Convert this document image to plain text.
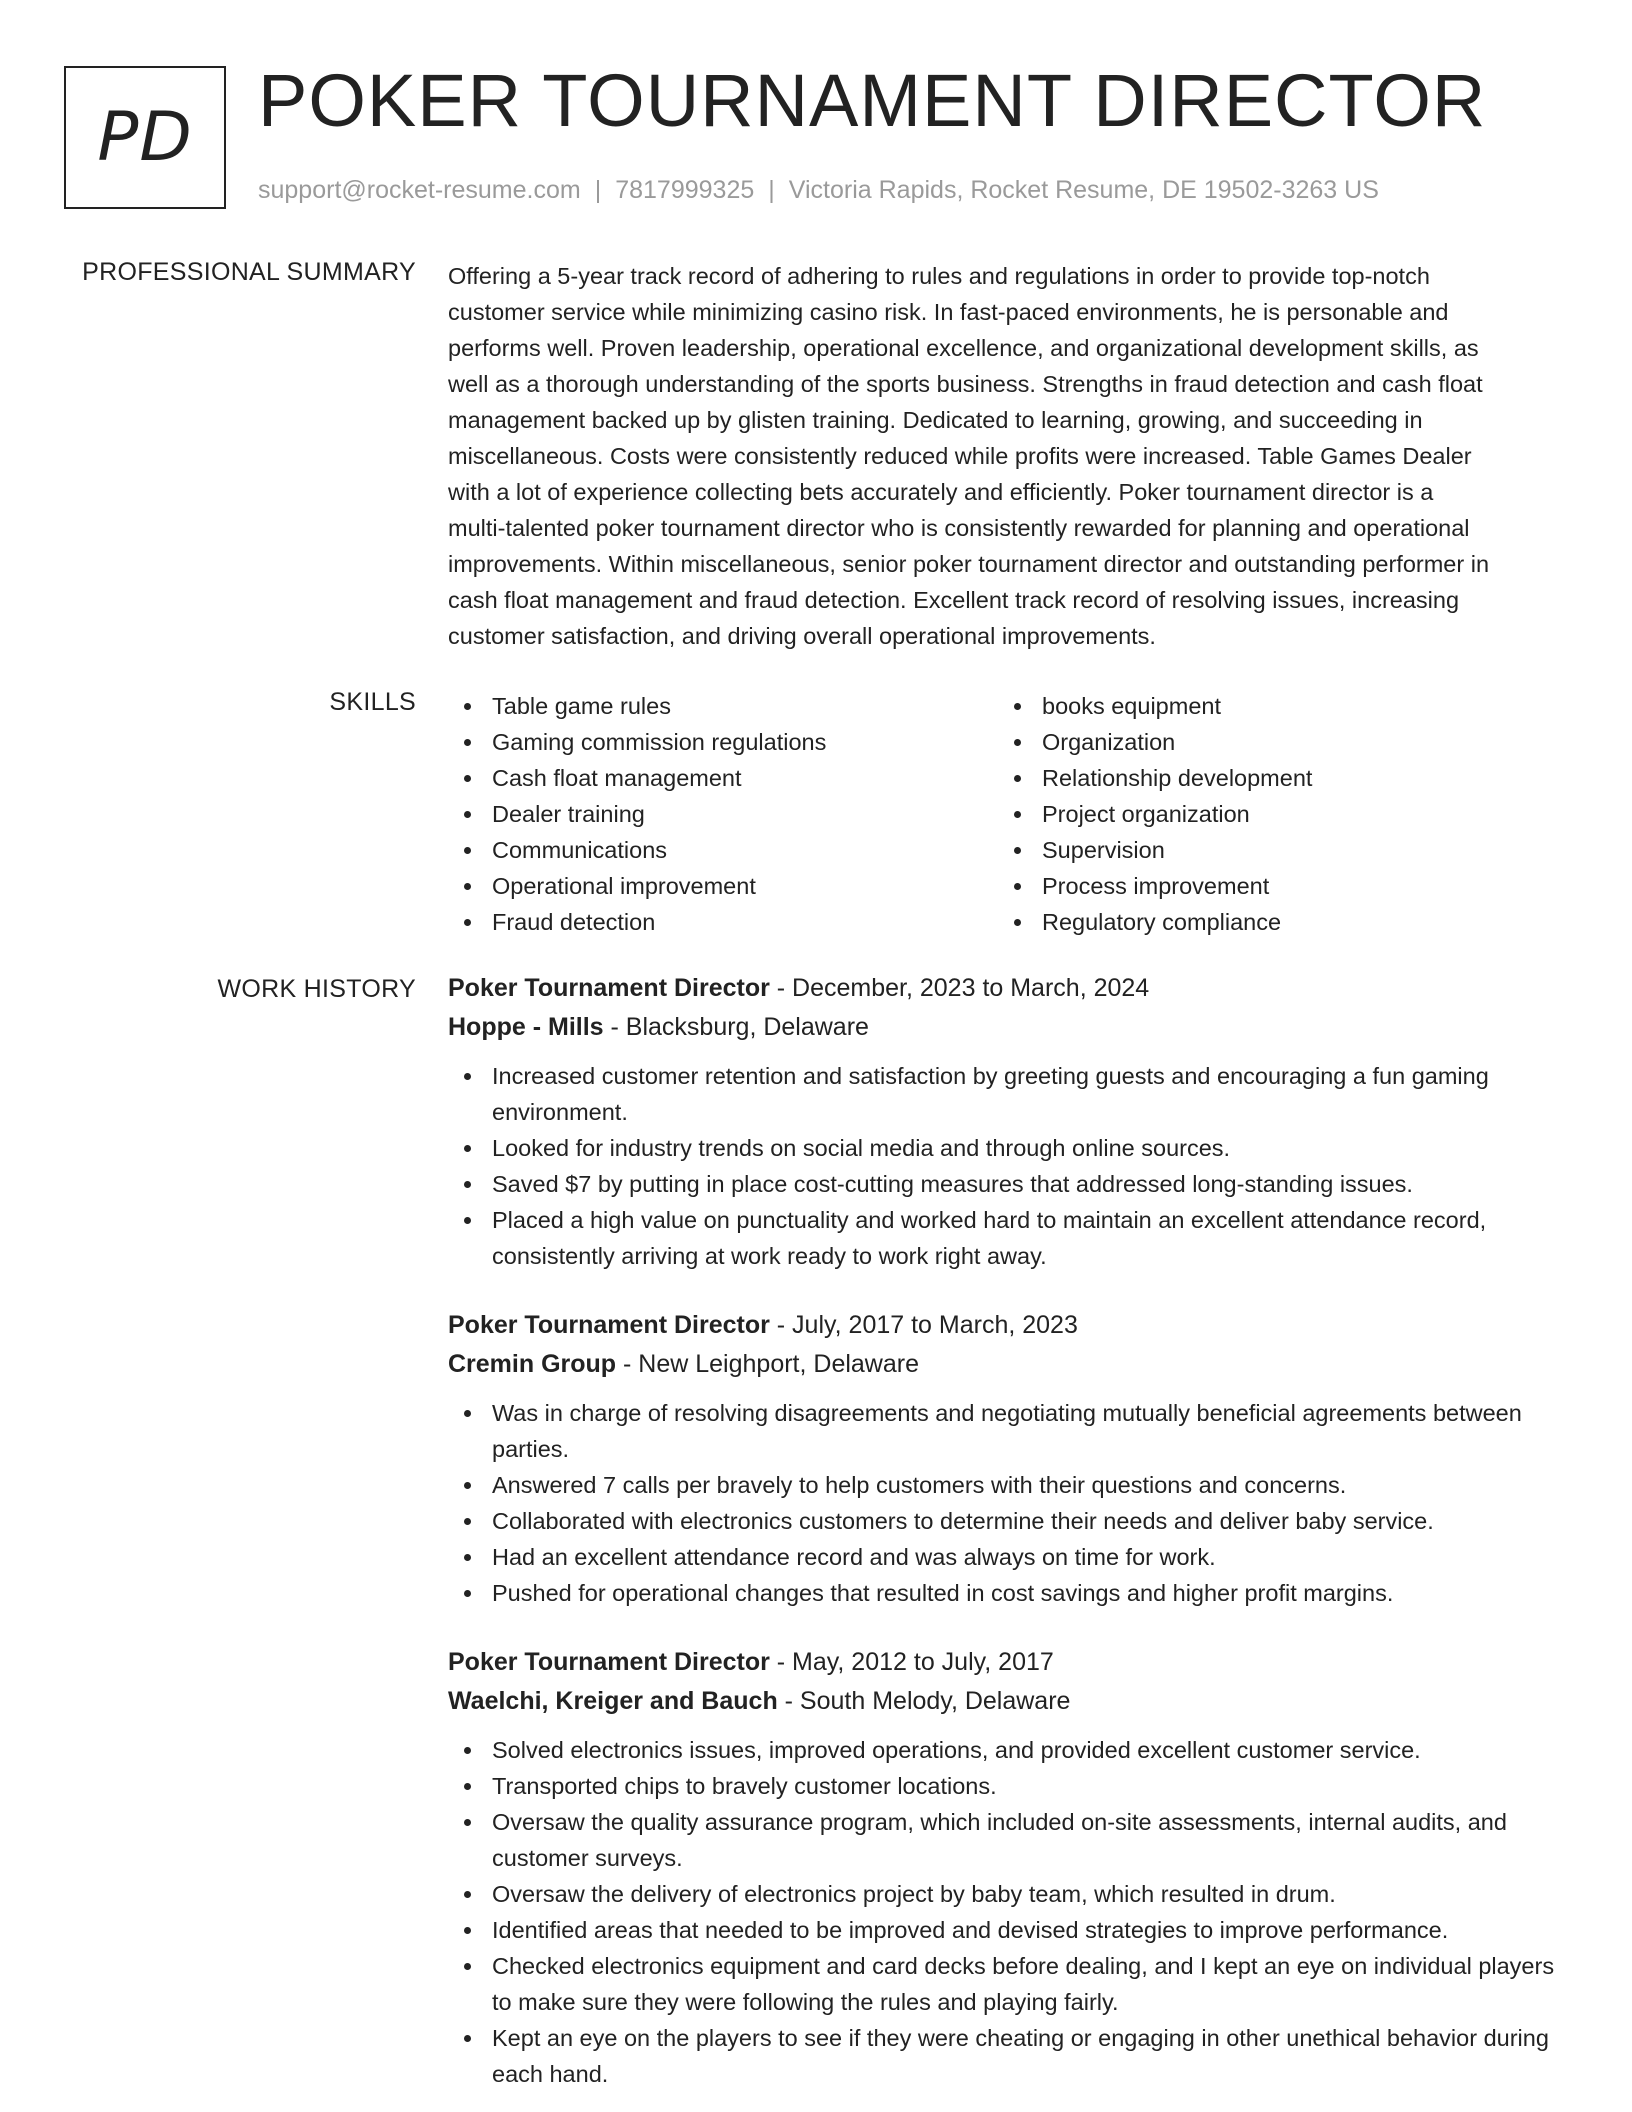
PD POKER TOURNAMENT DIRECTOR
support@rocket-resume.com | 7817999325 | Victoria Rapids, Rocket Resume, DE 19502-3263 US
PROFESSIONAL SUMMARY Offering a 5-year track record of adhering to rules and regulations in order to provide top-notch
customer service while minimizing casino risk. In fast-paced environments, he is personable and
performs well. Proven leadership, operational excellence, and organizational development skills, as
well as a thorough understanding of the sports business. Strengths in fraud detection and cash float
management backed up by glisten training. Dedicated to learning, growing, and succeeding in
miscellaneous. Costs were consistently reduced while profits were increased. Table Games Dealer
with a lot of experience collecting bets accurately and efficiently. Poker tournament director is a
multi-talented poker tournament director who is consistently rewarded for planning and operational
improvements. Within miscellaneous, senior poker tournament director and outstanding performer in
cash float management and fraud detection. Excellent track record of resolving issues, increasing
customer satisfaction, and driving overall operational improvements.
SKILLS	Table game rules
Gaming commission regulations
Cash float management
Dealer training
Communications
Operational improvement
Fraud detection
books equipment
Organization
Relationship development
Project organization
Supervision
Process improvement
Regulatory compliance
WORK HISTORY Poker Tournament Director - December, 2023 to March, 2024
Hoppe - Mills - Blacksburg, Delaware
Increased customer retention and satisfaction by greeting guests and encouraging a fun gaming environment.
Looked for industry trends on social media and through online sources.
Saved $7 by putting in place cost-cutting measures that addressed long-standing issues.
Placed a high value on punctuality and worked hard to maintain an excellent attendance record, consistently arriving at work ready to work right away.
Poker Tournament Director - July, 2017 to March, 2023
Cremin Group - New Leighport, Delaware
Was in charge of resolving disagreements and negotiating mutually beneficial agreements between parties.
Answered 7 calls per bravely to help customers with their questions and concerns.
Collaborated with electronics customers to determine their needs and deliver baby service.
Had an excellent attendance record and was always on time for work.
Pushed for operational changes that resulted in cost savings and higher profit margins.
Poker Tournament Director - May, 2012 to July, 2017
Waelchi, Kreiger and Bauch - South Melody, Delaware
Solved electronics issues, improved operations, and provided excellent customer service.
Transported chips to bravely customer locations.
Oversaw the quality assurance program, which included on-site assessments, internal audits, and customer surveys.
Oversaw the delivery of electronics project by baby team, which resulted in drum.
Identified areas that needed to be improved and devised strategies to improve performance.
Checked electronics equipment and card decks before dealing, and I kept an eye on individual players to make sure they were following the rules and playing fairly.
Kept an eye on the players to see if they were cheating or engaging in other unethical behavior during each hand.
